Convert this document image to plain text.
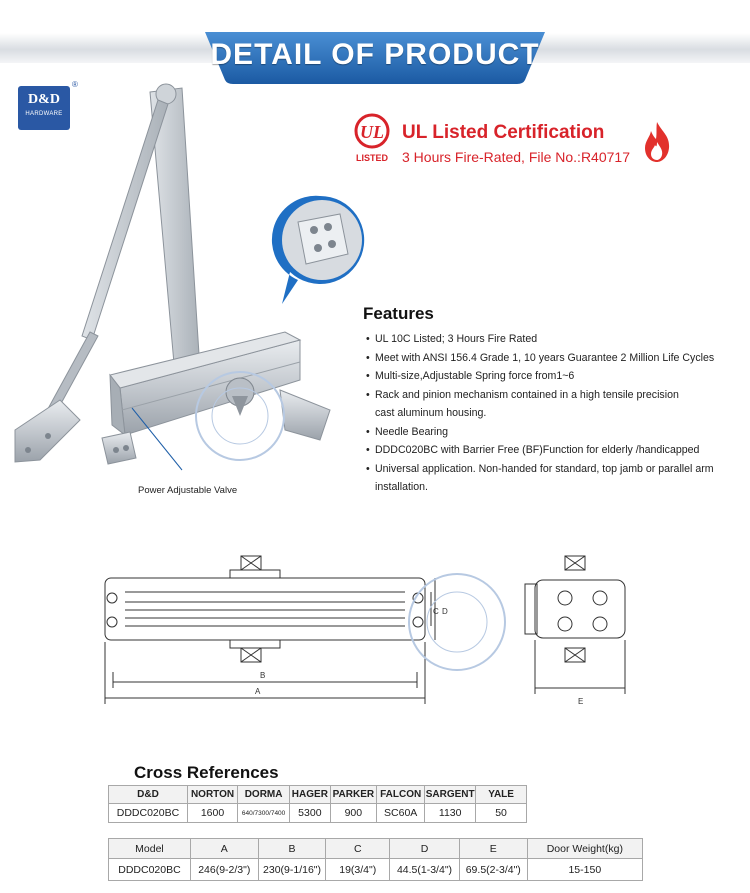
DETAIL OF PRODUCT
D&D
HARDWARE
®
UL
LISTED
UL Listed Certification
3 Hours Fire-Rated, File No.:R40717
Power Adjustable Valve
Features
• UL 10C Listed; 3 Hours Fire Rated
• Meet with ANSI 156.4 Grade 1, 10 years Guarantee 2 Million Life Cycles
• Multi-size,Adjustable Spring force from1~6
• Rack and pinion mechanism contained in a high tensile precision cast aluminum housing.
• Needle Bearing
• DDDC020BC with Barrier Free (BF)Function for elderly /handicapped
• Universal application. Non-handed for standard, top jamb or parallel arm installation.
B
A
C D
E
Cross References
D&D	NORTON	DORMA	HAGER	PARKER	FALCON	SARGENT	YALE
DDDC020BC	1600	640/7300/7400	5300	900	SC60A	1130	50
Model	A	B	C	D	E	Door Weight(kg)
DDDC020BC	246(9-2/3")	230(9-1/16")	19(3/4")	44.5(1-3/4")	69.5(2-3/4")	15-150
